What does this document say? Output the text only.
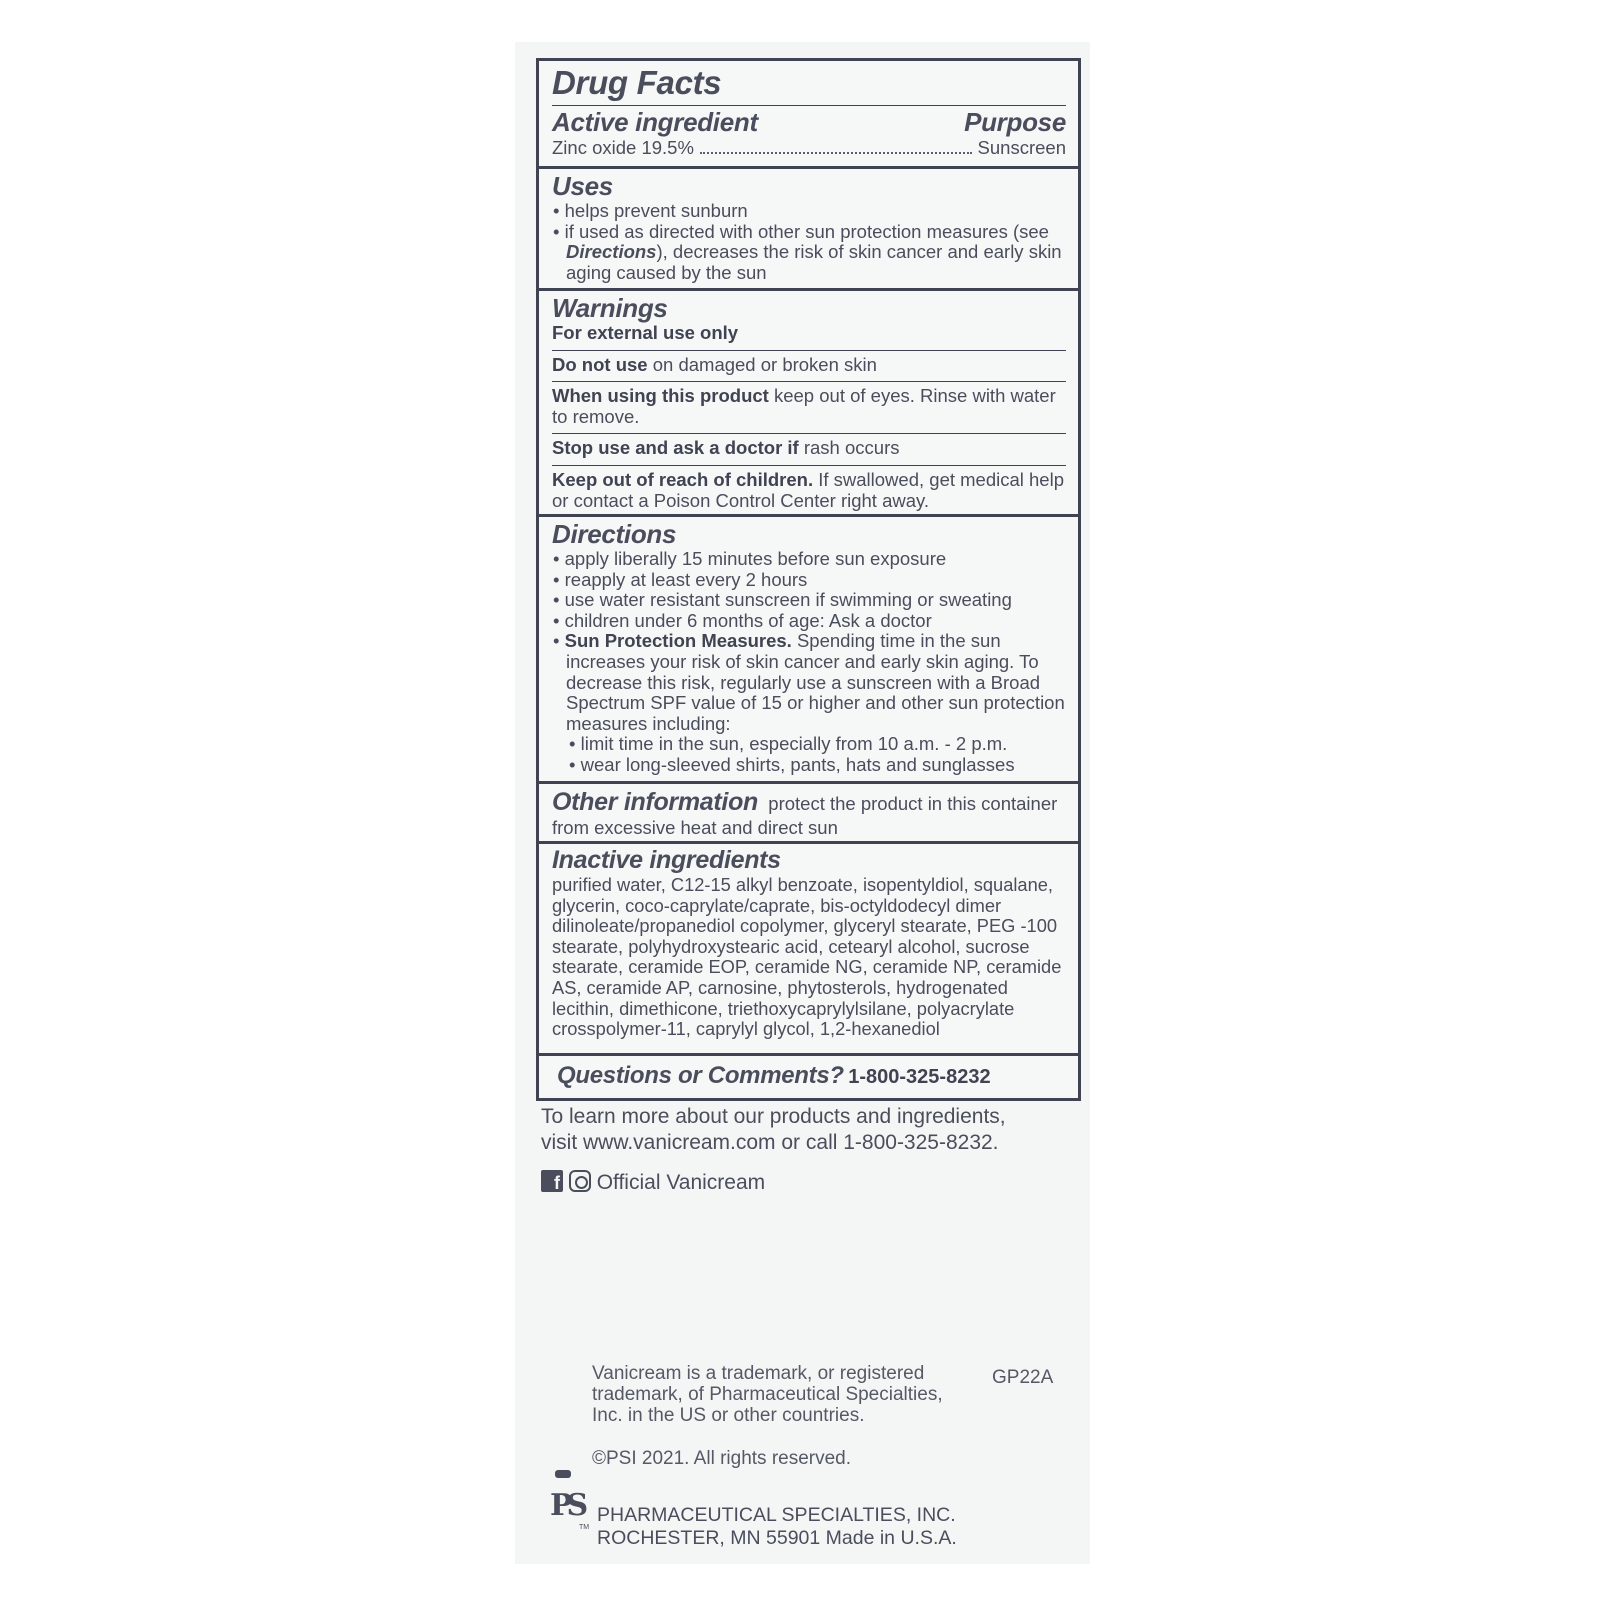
Drug Facts
Active ingredient	Purpose
Zinc oxide 19.5%	Sunscreen
Uses
• helps prevent sunburn
• if used as directed with other sun protection measures (see Directions), decreases the risk of skin cancer and early skin aging caused by the sun
Warnings
For external use only
Do not use on damaged or broken skin
When using this product keep out of eyes. Rinse with water to remove.
Stop use and ask a doctor if rash occurs
Keep out of reach of children. If swallowed, get medical help or contact a Poison Control Center right away.
Directions
• apply liberally 15 minutes before sun exposure
• reapply at least every 2 hours
• use water resistant sunscreen if swimming or sweating
• children under 6 months of age: Ask a doctor
• Sun Protection Measures. Spending time in the sun increases your risk of skin cancer and early skin aging. To decrease this risk, regularly use a sunscreen with a Broad Spectrum SPF value of 15 or higher and other sun protection measures including:
• limit time in the sun, especially from 10 a.m. - 2 p.m.
• wear long-sleeved shirts, pants, hats and sunglasses
Other information protect the product in this container from excessive heat and direct sun
Inactive ingredients
purified water, C12-15 alkyl benzoate, isopentyldiol, squalane, glycerin, coco-caprylate/caprate, bis-octyldodecyl dimer dilinoleate/propanediol copolymer, glyceryl stearate, PEG -100 stearate, polyhydroxystearic acid, cetearyl alcohol, sucrose stearate, ceramide EOP, ceramide NG, ceramide NP, ceramide AS, ceramide AP, carnosine, phytosterols, hydrogenated lecithin, dimethicone, triethoxycaprylylsilane, polyacrylate crosspolymer-11, caprylyl glycol, 1,2-hexanediol
Questions or Comments? 1-800-325-8232
To learn more about our products and ingredients, visit www.vanicream.com or call 1-800-325-8232.
f Official Vanicream
Vanicream is a trademark, or registered trademark, of Pharmaceutical Specialties, Inc. in the US or other countries.
GP22A
©PSI 2021. All rights reserved.
PS
TM
PHARMACEUTICAL SPECIALTIES, INC.
ROCHESTER, MN 55901 Made in U.S.A.
